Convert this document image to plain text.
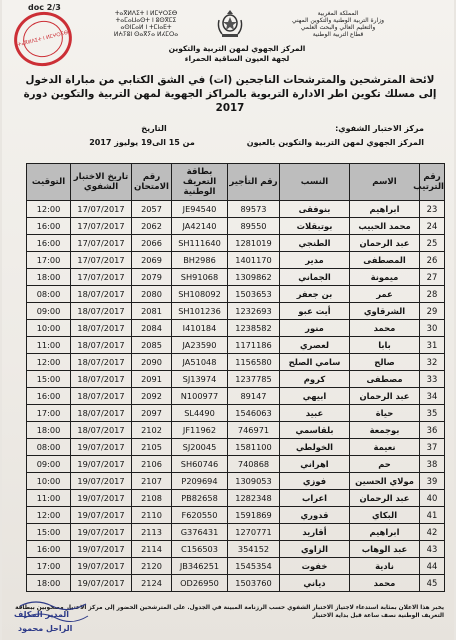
doc 2/3
ⵜⴰⴳⵍⴷⵉⵜ ⵏ ⵍⵎⵖⵔⵉⴱ
ⵜⴰⴳⵍⴷⵉⵜ ⵏ ⵍⵎⵖⵔⵉⴱ
ⵜⴰⵎⴰⵡⴰⵙⵜ ⵏ ⵓⵙⴳⵎⵉ
ⴰⵙⵏⵎⴰⵍ ⵏ ⵜⵎⵏⴰⴹⵜ
ⵍⵄⵢⵓⵏ ⵙⴰⴳⵢⴰ ⵍⵃⵎⵔⴰ
المملكة المغربية
وزارة التربية الوطنية والتكوين المهني
والتعليم العالي والبحث العلمي
قطاع التربية الوطنية
المركز الجهوي لمهن التربية والتكوين
لجهة العيون الساقية الحمراء
لائحة المترشحين والمترشحات الناجحين (ات) في الشق الكتابي من مباراة الدخول إلى مسلك تكوين اطر الادارة التربوية بالمراكز الجهوية لمهن التربية والتكوين دورة 2017
مركز الاختبار الشفوي:
المركز الجهوي لمهن التربية والتكوين بالعيون
التاريخ
من 15 الى19 يوليوز 2017
رقم الترتيب	الاسم	النسب	رقم التأجير	بطاقة التعريف الوطنية	رقم الامتحان	تاريخ الاختبار الشفوي	التوقيت
23	ابراهيم	بنوفقى	89573	JE94540	2057	17/07/2017	12:00
24	محمد الحبيب	بوتبقلات	89550	JA42140	2062	17/07/2017	16:00
25	عبد الرحمان	الطنجي	1281019	SH111640	2066	17/07/2017	16:00
26	المصطفى	مدير	1401170	BH2986	2069	17/07/2017	17:00
27	ميمونة	الجماني	1309862	SH91068	2079	17/07/2017	18:00
28	عمر	بن جعفر	1503653	SH108092	2080	18/07/2017	08:00
29	الشرقاوي	أيت عبو	1232693	SH101236	2081	18/07/2017	09:00
30	محمد	منور	1238582	I410184	2084	18/07/2017	10:00
31	بابا	لعصري	1171186	JA23590	2085	18/07/2017	11:00
32	صالح	سامي الصلح	1156580	JA51048	2090	18/07/2017	12:00
33	مصطفى	كروم	1237785	SJ13974	2091	18/07/2017	15:00
34	عبد الرحمان	ابيهي	89147	N100977	2092	18/07/2017	16:00
35	حياة	عبيد	1546063	SL4490	2097	18/07/2017	17:00
36	بوجمعة	بلقاسمي	746971	JF11962	2102	18/07/2017	18:00
37	نعيمة	الخولطي	1581100	SJ20045	2105	19/07/2017	08:00
38	حم	اهراني	740868	SH60746	2106	19/07/2017	09:00
39	مولاي الحسين	فوزي	1309053	P209694	2107	19/07/2017	10:00
40	عبد الرحمان	اعراب	1282348	PB82658	2108	19/07/2017	11:00
41	البكاي	قدوري	1591869	F620550	2110	19/07/2017	12:00
42	ابراهيم	أقاريد	1270771	G376431	2113	19/07/2017	15:00
43	عبد الوهاب	الزاوي	354152	C156503	2114	19/07/2017	16:00
44	نادية	خفوت	1545354	JB346251	2120	19/07/2017	17:00
45	محمد	دياني	1503760	OD26950	2124	19/07/2017	18:00
يخبر هذا الاعلان بمثابة استدعاء لاجتياز الاختبار الشفوي حسب الرزنامة المبينة في الجدول. على المترشحين الحضور إلى مركز الاختبار مصحوبين ببطاقة التعريف الوطنية نصف ساعة قبل بداية الاختبار
المدير المكلف
الراحل محمود
